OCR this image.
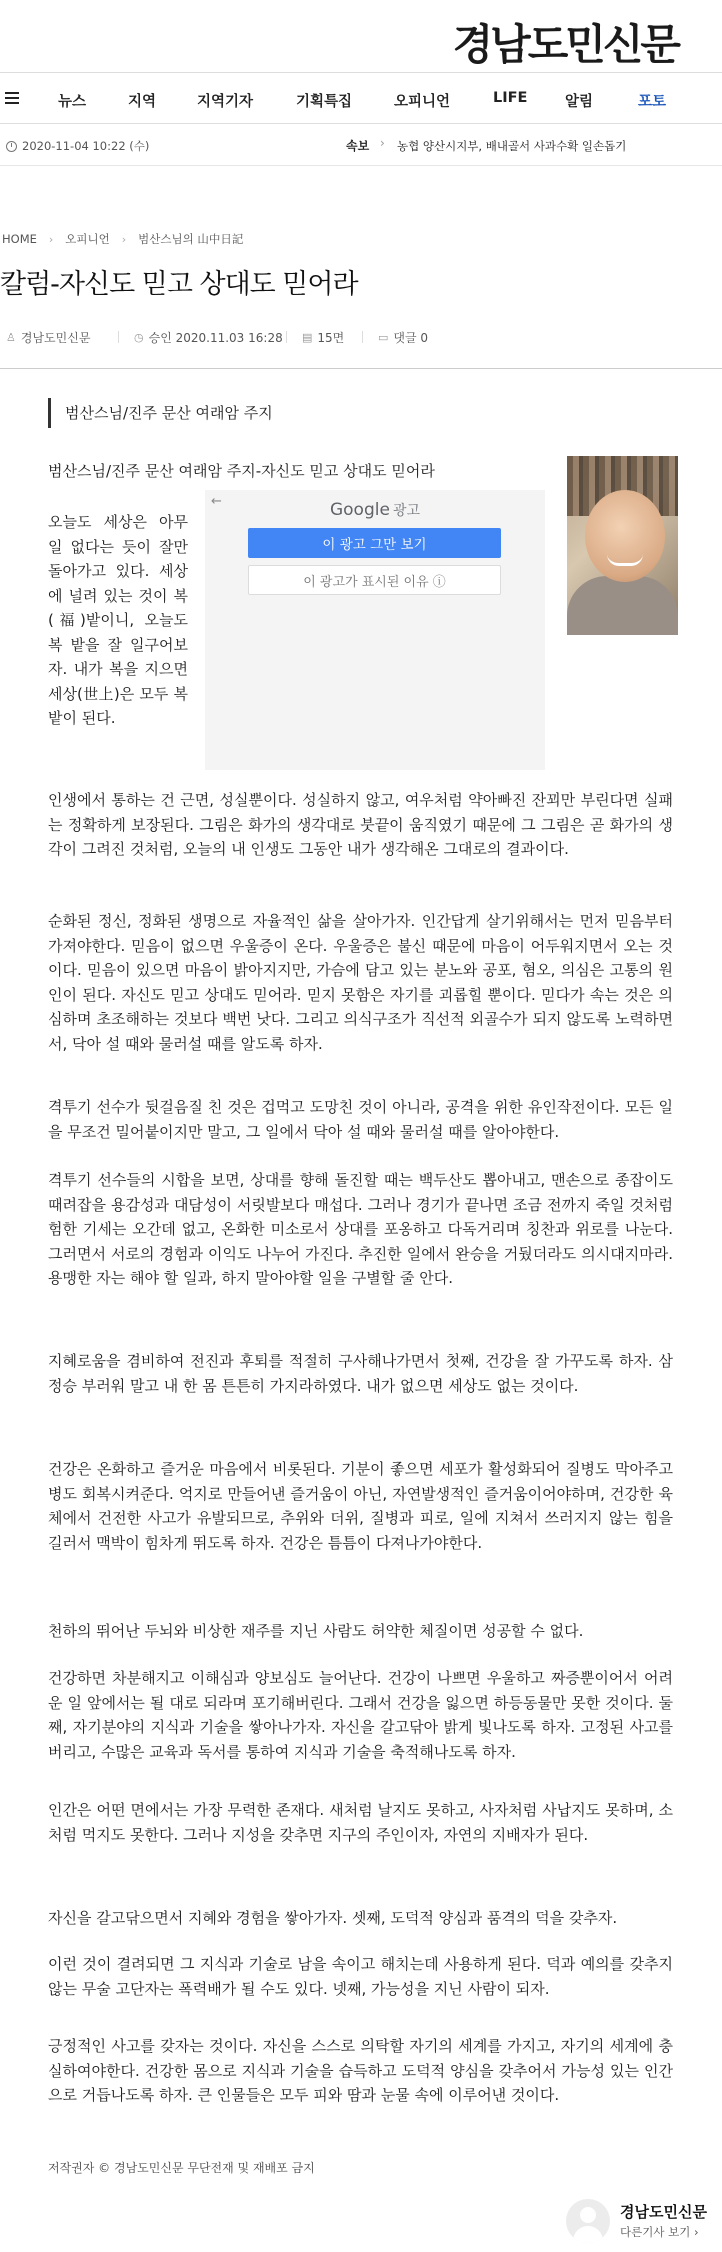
경남도민신문
뉴스	지역	지역기자	기획특집	오피니언	LIFE	알림	포토
2020-11-04 10:22 (수)	속보 › 농협 양산시지부, 배내골서 사과수확 일손돕기
HOME › 오피니언 › 범산스님의 山中日記
칼럼-자신도 믿고 상대도 믿어라
♙ 경남도민신문	◷ 승인 2020.11.03 16:28 ▤ 15면	▭ 댓글 0
범산스님/진주 문산 여래암 주지
범산스님/진주 문산 여래암 주지-자신도 믿고 상대도 믿어라
←	Google 광고
이 광고 그만 보기
이 광고가 표시된 이유 ⓘ

오늘도 세상은 아무 일 없다는 듯이 잘만 돌아가고 있다. 세상에 널려 있는 것이 복(福)밭이니, 오늘도 복 밭을 잘 일구어보자. 내가 복을 지으면 세상(世上)은 모두 복밭이 된다.

인생에서 통하는 건 근면, 성실뿐이다. 성실하지 않고, 여우처럼 약아빠진 잔꾀만 부린다면 실패는 정확하게 보장된다. 그림은 화가의 생각대로 붓끝이 움직였기 때문에 그 그림은 곧 화가의 생각이 그려진 것처럼, 오늘의 내 인생도 그동안 내가 생각해온 그대로의 결과이다.

순화된 정신, 정화된 생명으로 자율적인 삶을 살아가자. 인간답게 살기위해서는 먼저 믿음부터 가져야한다. 믿음이 없으면 우울증이 온다. 우울증은 불신 때문에 마음이 어두워지면서 오는 것이다. 믿음이 있으면 마음이 밝아지지만, 가슴에 담고 있는 분노와 공포, 혐오, 의심은 고통의 원인이 된다. 자신도 믿고 상대도 믿어라. 믿지 못함은 자기를 괴롭힐 뿐이다. 믿다가 속는 것은 의심하며 초조해하는 것보다 백번 낫다. 그리고 의식구조가 직선적 외골수가 되지 않도록 노력하면서, 닥아 설 때와 물러설 때를 알도록 하자.

격투기 선수가 뒷걸음질 친 것은 겁먹고 도망친 것이 아니라, 공격을 위한 유인작전이다. 모든 일을 무조건 밀어붙이지만 말고, 그 일에서 닥아 설 때와 물러설 때를 알아야한다.

격투기 선수들의 시합을 보면, 상대를 향해 돌진할 때는 백두산도 뽑아내고, 맨손으로 종잡이도 때려잡을 용감성과 대담성이 서릿발보다 매섭다. 그러나 경기가 끝나면 조금 전까지 죽일 것처럼 험한 기세는 오간데 없고, 온화한 미소로서 상대를 포옹하고 다독거리며 칭찬과 위로를 나눈다. 그러면서 서로의 경험과 이익도 나누어 가진다. 추진한 일에서 완승을 거뒀더라도 의시대지마라. 용맹한 자는 해야 할 일과, 하지 말아야할 일을 구별할 줄 안다.

지혜로움을 겸비하여 전진과 후퇴를 적절히 구사해나가면서 첫째, 건강을 잘 가꾸도록 하자. 삼정승 부러워 말고 내 한 몸 튼튼히 가지라하였다. 내가 없으면 세상도 없는 것이다.

건강은 온화하고 즐거운 마음에서 비롯된다. 기분이 좋으면 세포가 활성화되어 질병도 막아주고 병도 회복시켜준다. 억지로 만들어낸 즐거움이 아닌, 자연발생적인 즐거움이어야하며, 건강한 육체에서 건전한 사고가 유발되므로, 추위와 더위, 질병과 피로, 일에 지쳐서 쓰러지지 않는 힘을 길러서 맥박이 힘차게 뛰도록 하자. 건강은 틈틈이 다져나가야한다.

천하의 뛰어난 두뇌와 비상한 재주를 지닌 사람도 허약한 체질이면 성공할 수 없다.

건강하면 차분해지고 이해심과 양보심도 늘어난다. 건강이 나쁘면 우울하고 짜증뿐이어서 어려운 일 앞에서는 될 대로 되라며 포기해버린다. 그래서 건강을 잃으면 하등동물만 못한 것이다. 둘째, 자기분야의 지식과 기술을 쌓아나가자. 자신을 갈고닦아 밝게 빛나도록 하자. 고정된 사고를 버리고, 수많은 교육과 독서를 통하여 지식과 기술을 축적해나도록 하자.

인간은 어떤 면에서는 가장 무력한 존재다. 새처럼 날지도 못하고, 사자처럼 사납지도 못하며, 소처럼 먹지도 못한다. 그러나 지성을 갖추면 지구의 주인이자, 자연의 지배자가 된다.

자신을 갈고닦으면서 지혜와 경험을 쌓아가자. 셋째, 도덕적 양심과 품격의 덕을 갖추자.

이런 것이 결려되면 그 지식과 기술로 남을 속이고 해치는데 사용하게 된다. 덕과 예의를 갖추지 않는 무술 고단자는 폭력배가 될 수도 있다. 넷째, 가능성을 지닌 사람이 되자.

긍정적인 사고를 갖자는 것이다. 자신을 스스로 의탁할 자기의 세계를 가지고, 자기의 세계에 충실하여야한다. 건강한 몸으로 지식과 기술을 습득하고 도덕적 양심을 갖추어서 가능성 있는 인간으로 거듭나도록 하자. 큰 인물들은 모두 피와 땀과 눈물 속에 이루어낸 것이다.

저작권자 © 경남도민신문 무단전재 및 재배포 금지
경남도민신문
다른기사 보기 ›
